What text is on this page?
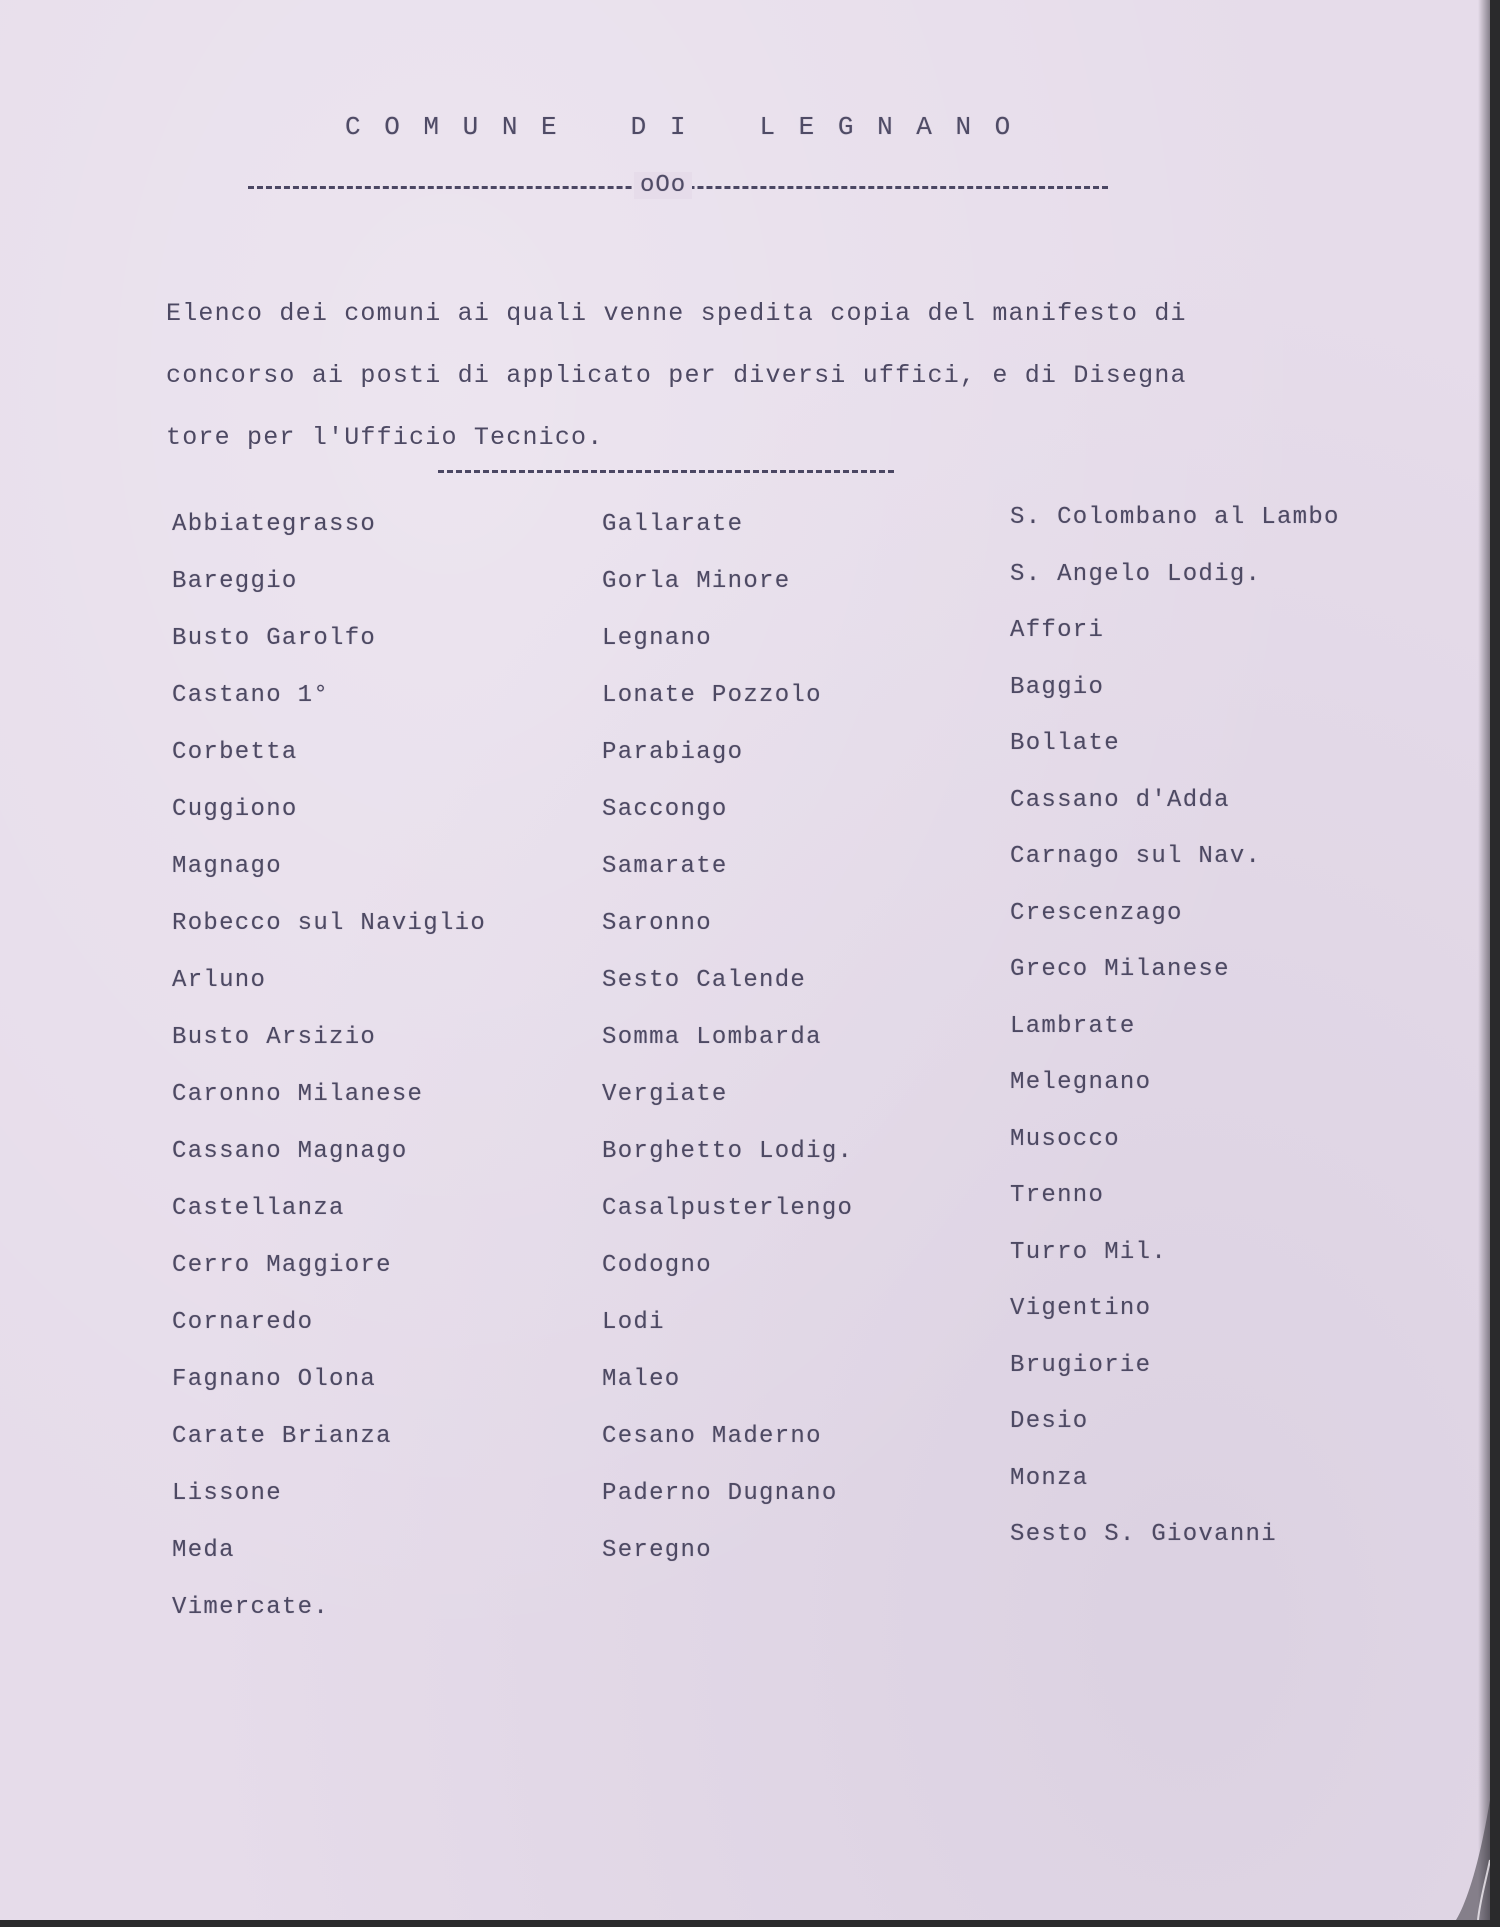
C O M U N E	D I	L E G N A N O
oOo

Elenco dei comuni ai quali venne spedita copia del manifesto di

concorso ai posti di applicato per diversi uffici, e di Disegna

tore per l'Ufficio Tecnico.

Abbiategrasso
Bareggio
Busto Garolfo
Castano 1°
Corbetta
Cuggiono
Magnago
Robecco sul Naviglio
Arluno
Busto Arsizio
Caronno Milanese
Cassano Magnago
Castellanza
Cerro Maggiore
Cornaredo
Fagnano Olona
Carate Brianza
Lissone
Meda
Vimercate.
Gallarate
Gorla Minore
Legnano
Lonate Pozzolo
Parabiago
Saccongo
Samarate
Saronno
Sesto Calende
Somma Lombarda
Vergiate
Borghetto Lodig.
Casalpusterlengo
Codogno
Lodi
Maleo
Cesano Maderno
Paderno Dugnano
Seregno
S. Colombano al Lambo
S. Angelo Lodig.
Affori
Baggio
Bollate
Cassano d'Adda
Carnago sul Nav.
Crescenzago
Greco Milanese
Lambrate
Melegnano
Musocco
Trenno
Turro Mil.
Vigentino
Brugiorie
Desio
Monza
Sesto S. Giovanni
